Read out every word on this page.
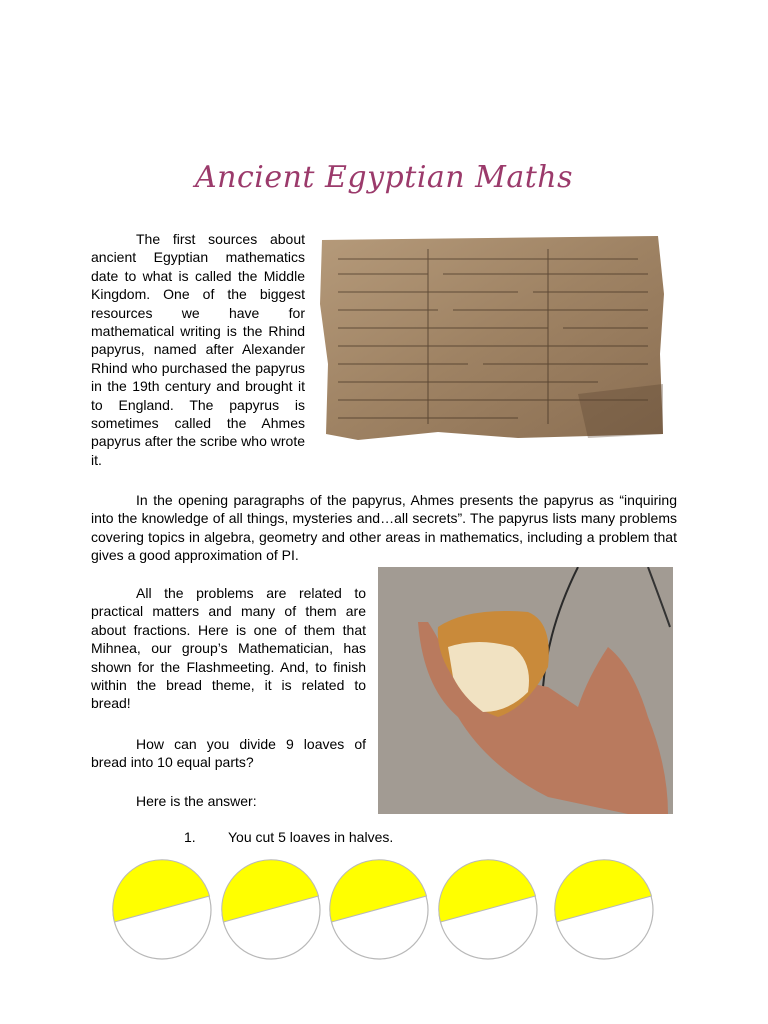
Ancient Egyptian Maths

The first sources about ancient Egyptian mathematics date to what is called the Middle Kingdom. One of the biggest resources we have for mathematical writing is the Rhind papyrus, named after Alexander Rhind who purchased the papyrus in the 19th century and brought it to England. The papyrus is sometimes called the Ahmes papyrus after the scribe who wrote it.

In the opening paragraphs of the papyrus, Ahmes presents the papyrus as “inquiring into the knowledge of all things, mysteries and…all secrets”. The papyrus lists many problems covering topics in algebra, geometry and other areas in mathematics, including a problem that gives a good approximation of PI.

All the problems are related to practical matters and many of them are about fractions. Here is one of them that Mihnea, our group’s Mathematician, has shown for the Flashmeeting. And, to finish within the bread theme, it is related to bread!

How can you divide 9 loaves of bread into 10 equal parts?

Here is the answer:

1. You cut 5 loaves in halves.
